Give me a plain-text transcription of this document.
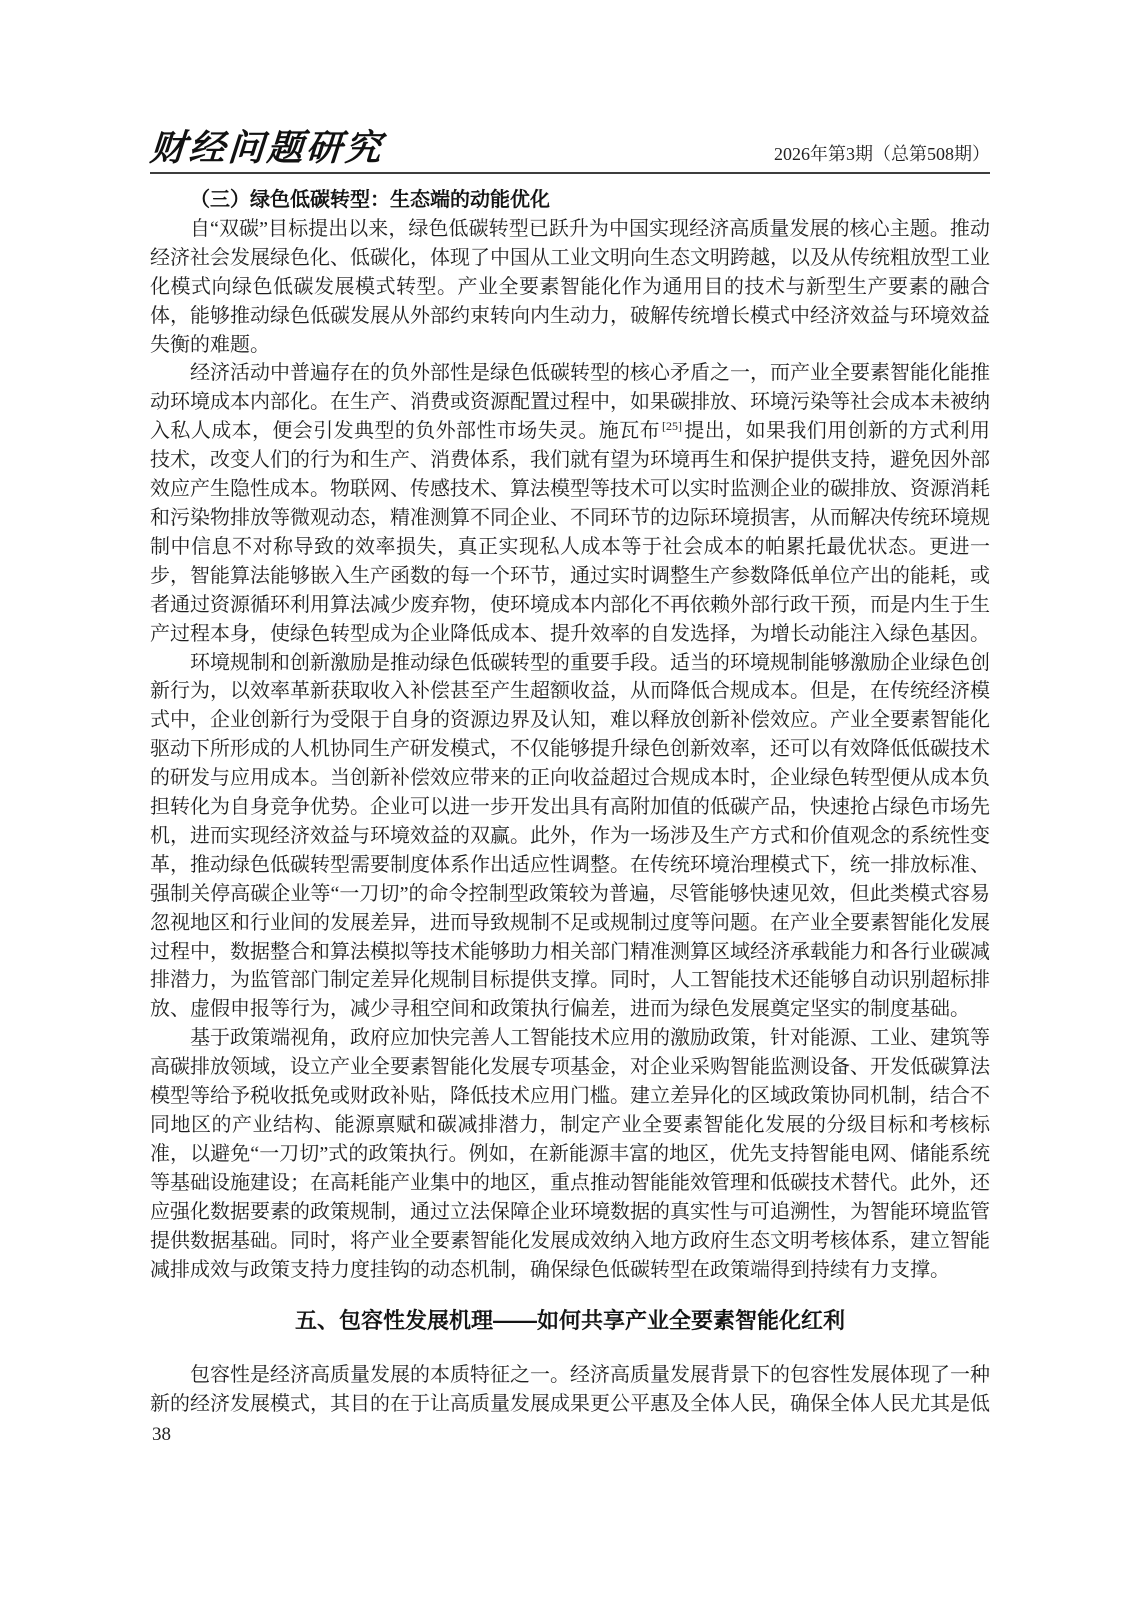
财经问题研究	2026年第3期（总第508期）
（三）绿色低碳转型：生态端的动能优化

自“双碳”目标提出以来，绿色低碳转型已跃升为中国实现经济高质量发展的核心主题。推动经济社会发展绿色化、低碳化，体现了中国从工业文明向生态文明跨越，以及从传统粗放型工业化模式向绿色低碳发展模式转型。产业全要素智能化作为通用目的技术与新型生产要素的融合体，能够推动绿色低碳发展从外部约束转向内生动力，破解传统增长模式中经济效益与环境效益失衡的难题。

经济活动中普遍存在的负外部性是绿色低碳转型的核心矛盾之一，而产业全要素智能化能推动环境成本内部化。在生产、消费或资源配置过程中，如果碳排放、环境污染等社会成本未被纳入私人成本，便会引发典型的负外部性市场失灵。施瓦布 [25] 提出，如果我们用创新的方式利用技术，改变人们的行为和生产、消费体系，我们就有望为环境再生和保护提供支持，避免因外部效应产生隐性成本。物联网、传感技术、算法模型等技术可以实时监测企业的碳排放、资源消耗和污染物排放等微观动态，精准测算不同企业、不同环节的边际环境损害，从而解决传统环境规制中信息不对称导致的效率损失，真正实现私人成本等于社会成本的帕累托最优状态。更进一步，智能算法能够嵌入生产函数的每一个环节，通过实时调整生产参数降低单位产出的能耗，或者通过资源循环利用算法减少废弃物，使环境成本内部化不再依赖外部行政干预，而是内生于生产过程本身，使绿色转型成为企业降低成本、提升效率的自发选择，为增长动能注入绿色基因。

环境规制和创新激励是推动绿色低碳转型的重要手段。适当的环境规制能够激励企业绿色创新行为，以效率革新获取收入补偿甚至产生超额收益，从而降低合规成本。但是，在传统经济模式中，企业创新行为受限于自身的资源边界及认知，难以释放创新补偿效应。产业全要素智能化驱动下所形成的人机协同生产研发模式，不仅能够提升绿色创新效率，还可以有效降低低碳技术的研发与应用成本。当创新补偿效应带来的正向收益超过合规成本时，企业绿色转型便从成本负担转化为自身竞争优势。企业可以进一步开发出具有高附加值的低碳产品，快速抢占绿色市场先机，进而实现经济效益与环境效益的双赢。此外，作为一场涉及生产方式和价值观念的系统性变革，推动绿色低碳转型需要制度体系作出适应性调整。在传统环境治理模式下，统一排放标准、强制关停高碳企业等“一刀切”的命令控制型政策较为普遍，尽管能够快速见效，但此类模式容易忽视地区和行业间的发展差异，进而导致规制不足或规制过度等问题。在产业全要素智能化发展过程中，数据整合和算法模拟等技术能够助力相关部门精准测算区域经济承载能力和各行业碳减排潜力，为监管部门制定差异化规制目标提供支撑。同时，人工智能技术还能够自动识别超标排放、虚假申报等行为，减少寻租空间和政策执行偏差，进而为绿色发展奠定坚实的制度基础。

基于政策端视角，政府应加快完善人工智能技术应用的激励政策，针对能源、工业、建筑等高碳排放领域，设立产业全要素智能化发展专项基金，对企业采购智能监测设备、开发低碳算法模型等给予税收抵免或财政补贴，降低技术应用门槛。建立差异化的区域政策协同机制，结合不同地区的产业结构、能源禀赋和碳减排潜力，制定产业全要素智能化发展的分级目标和考核标准，以避免“一刀切”式的政策执行。例如，在新能源丰富的地区，优先支持智能电网、储能系统等基础设施建设；在高耗能产业集中的地区，重点推动智能能效管理和低碳技术替代。此外，还应强化数据要素的政策规制，通过立法保障企业环境数据的真实性与可追溯性，为智能环境监管提供数据基础。同时，将产业全要素智能化发展成效纳入地方政府生态文明考核体系，建立智能减排成效与政策支持力度挂钩的动态机制，确保绿色低碳转型在政策端得到持续有力支撑。

五、包容性发展机理——如何共享产业全要素智能化红利

包容性是经济高质量发展的本质特征之一。经济高质量发展背景下的包容性发展体现了一种新的经济发展模式，其目的在于让高质量发展成果更公平惠及全体人民，确保全体人民尤其是低

38
